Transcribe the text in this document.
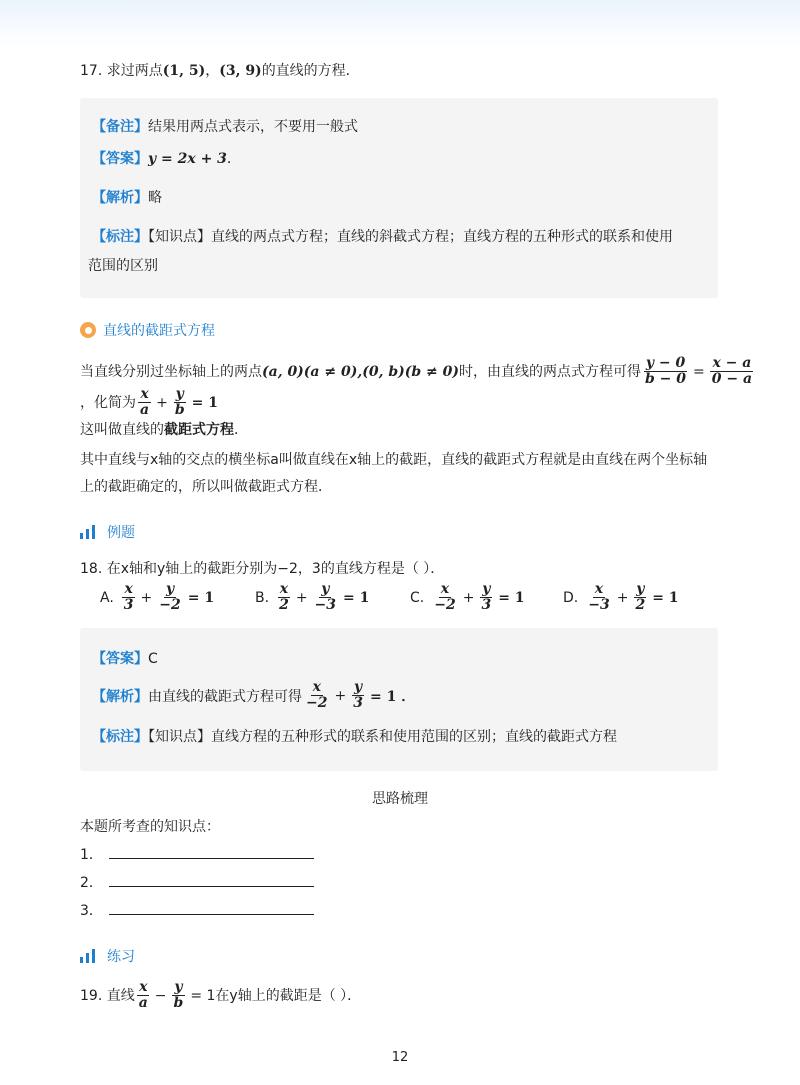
17. 求过两点(1, 5)，(3, 9)的直线的方程．
【备注】结果用两点式表示，不要用一般式
【答案】y = 2x + 3．
【解析】略
【标注】【知识点】直线的两点式方程；直线的斜截式方程；直线方程的五种形式的联系和使用
范围的区别
直线的截距式方程
当直线分别过坐标轴上的两点 (a, 0)(a ≠ 0),(0, b)(b ≠ 0) 时，由直线的两点式方程可得 $\frac{y - 0}{b - 0} = \frac{x - a}{0 - a}$
，化简为 $\frac{x}{a} + \frac{y}{b} = 1$
这叫做直线的截距式方程．
其中直线与x轴的交点的横坐标a叫做直线在x轴上的截距，直线的截距式方程就是由直线在两个坐标轴
上的截距确定的，所以叫做截距式方程．
例题
18. 在x轴和y轴上的截距分别为−2，3的直线方程是（ ）．
A. $\frac{x}{3} + \frac{y}{-2} = 1$	B. $\frac{x}{2} + \frac{y}{-3} = 1$	C. $\frac{x}{-2} + \frac{y}{3} = 1$	D. $\frac{x}{-3} + \frac{y}{2} = 1$
【答案】C
【解析】 由直线的截距式方程可得 $\frac{x}{-2} + \frac{y}{3} = 1$ ．
【标注】【知识点】直线方程的五种形式的联系和使用范围的区别；直线的截距式方程
思路梳理
本题所考查的知识点：
1．
2．
3．
练习
19. 直线 $\frac{x}{a} - \frac{y}{b} = 1$在y轴上的截距是（ ）．
12
